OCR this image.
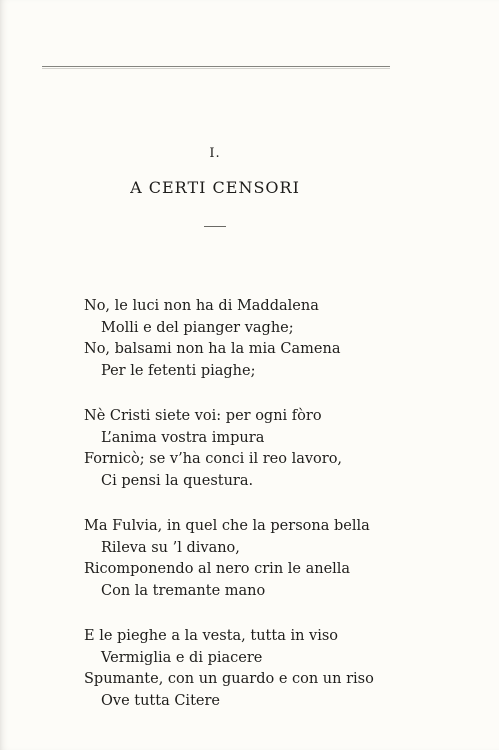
I.
A CERTI CENSORI
No, le luci non ha di Maddalena
Molli e del pianger vaghe;
No, balsami non ha la mia Camena
Per le fetenti piaghe;
Nè Cristi siete voi: per ogni fòro
L’anima vostra impura
Fornicò; se v’ha conci il reo lavoro,
Ci pensi la questura.
Ma Fulvia, in quel che la persona bella
Rileva su ’l divano,
Ricomponendo al nero crin le anella
Con la tremante mano
E le pieghe a la vesta, tutta in viso
Vermiglia e di piacere
Spumante, con un guardo e con un riso
Ove tutta Citere
